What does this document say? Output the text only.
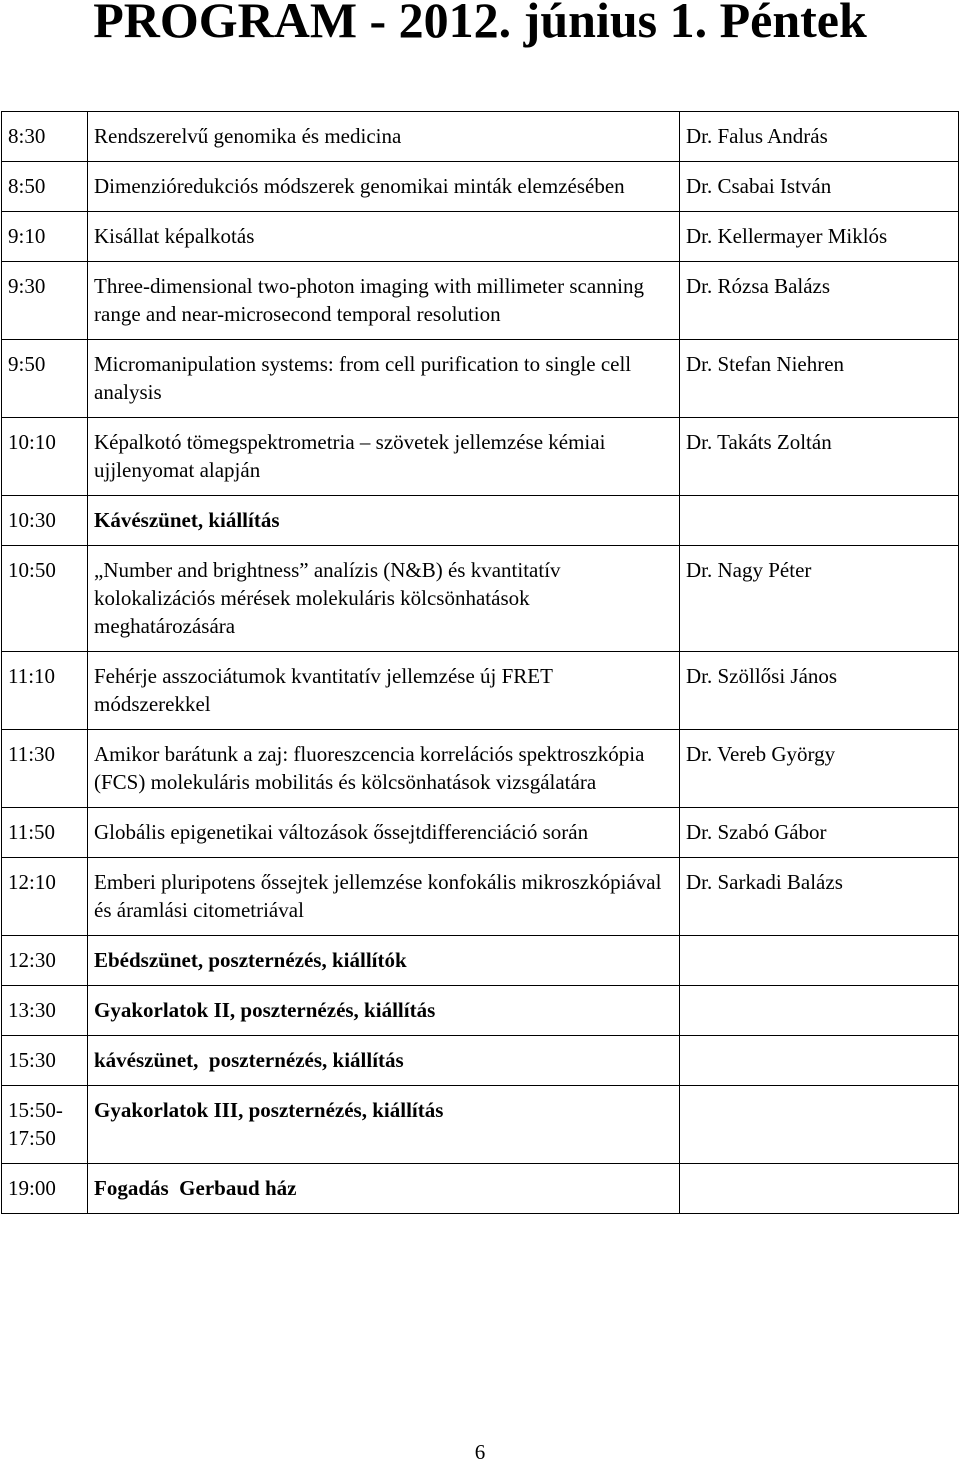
PROGRAM - 2012. június 1. Péntek
8:30	Rendszerelvű genomika és medicina	Dr. Falus András
8:50	Dimenzióredukciós módszerek genomikai minták elemzésében	Dr. Csabai István
9:10	Kisállat képalkotás	Dr. Kellermayer Miklós
9:30	Three-dimensional two-photon imaging with millimeter scanning range and near-microsecond temporal resolution	Dr. Rózsa Balázs
9:50	Micromanipulation systems: from cell purification to single cell analysis	Dr. Stefan Niehren
10:10	Képalkotó tömegspektrometria – szövetek jellemzése kémiai ujjlenyomat alapján	Dr. Takáts Zoltán
10:30	Kávészünet, kiállítás	
10:50	„Number and brightness” analízis (N&B) és kvantitatív kolokalizációs mérések molekuláris kölcsönhatások meghatározására	Dr. Nagy Péter
11:10	Fehérje asszociátumok kvantitatív jellemzése új FRET módszerekkel	Dr. Szöllősi János
11:30	Amikor barátunk a zaj: fluoreszcencia korrelációs spektroszkópia (FCS) molekuláris mobilitás és kölcsönhatások vizsgálatára	Dr. Vereb György
11:50	Globális epigenetikai változások őssejtdifferenciáció során	Dr. Szabó Gábor
12:10	Emberi pluripotens őssejtek jellemzése konfokális mikroszkópiával és áramlási citometriával	Dr. Sarkadi Balázs
12:30	Ebédszünet, poszternézés, kiállítók	
13:30	Gyakorlatok II, poszternézés, kiállítás	
15:30	kávészünet,  poszternézés, kiállítás	
15:50-17:50	Gyakorlatok III, poszternézés, kiállítás	
19:00	Fogadás  Gerbaud ház	
6
